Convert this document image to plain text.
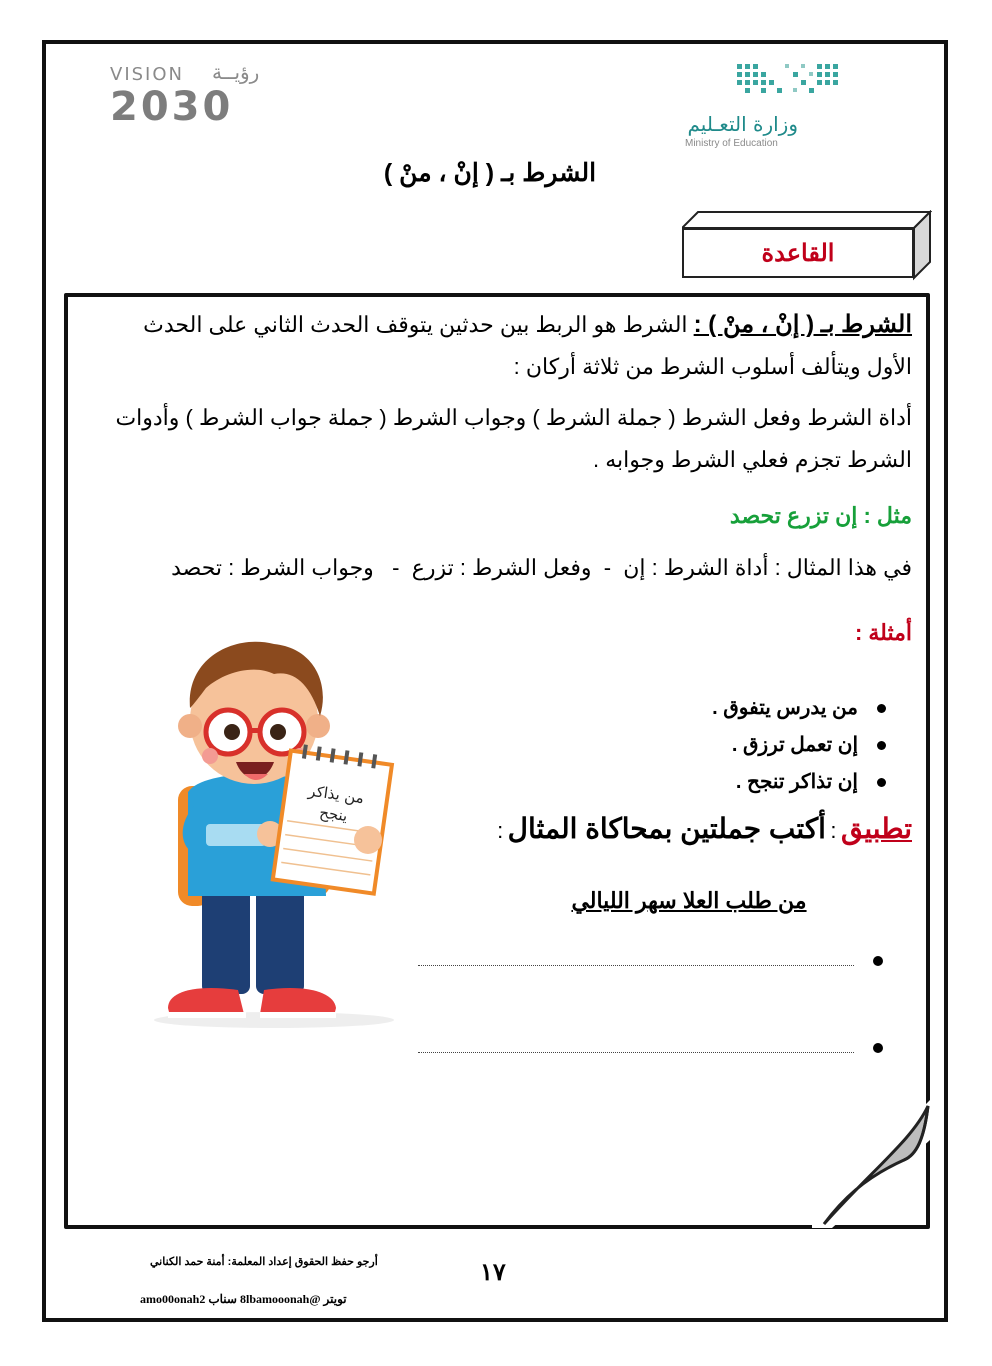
VISION رؤيــة
2030	وزارة التعـليم
Ministry of Education
الشرط بـ ( إنْ ، منْ )
القاعدة
الشرط بـ ( إنْ ، منْ ) : الشرط هو الربط بين حدثين يتوقف الحدث الثاني على الحدث الأول ويتألف أسلوب الشرط من ثلاثة أركان :
أداة الشرط وفعل الشرط ( جملة الشرط ) وجواب الشرط ( جملة جواب الشرط ) وأدوات الشرط تجزم فعلي الشرط وجوابه .
مثل : إن تزرع تحصد
في هذا المثال : أداة الشرط : إن  -  وفعل الشرط : تزرع  -   وجواب الشرط : تحصد
أمثلة :
من يدرس يتفوق .
إن تعمل ترزق .
إن تذاكر تنجح .
من يذاكر
ينجح	تطبيق : أكتب جملتين بمحاكاة المثال :
من طلب العلا سهر الليالي
أرجو حفظ الحقوق إعداد المعلمة: أمنة حمد الكناني
تويتر @8lbamooonah سناب amo00onah2
١٧
